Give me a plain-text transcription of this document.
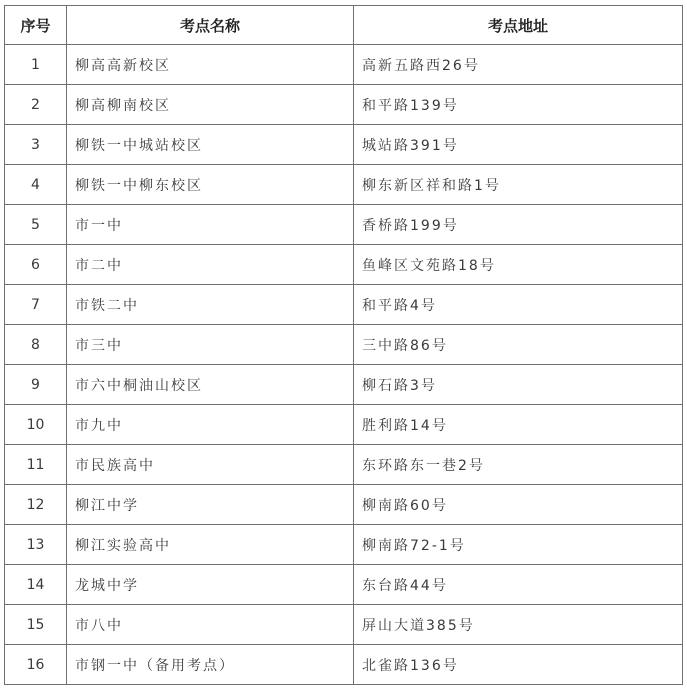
序号	考点名称	考点地址
1	柳高高新校区	高新五路西26号
2	柳高柳南校区	和平路139号
3	柳铁一中城站校区	城站路391号
4	柳铁一中柳东校区	柳东新区祥和路1号
5	市一中	香桥路199号
6	市二中	鱼峰区文苑路18号
7	市铁二中	和平路4号
8	市三中	三中路86号
9	市六中桐油山校区	柳石路3号
10	市九中	胜利路14号
11	市民族高中	东环路东一巷2号
12	柳江中学	柳南路60号
13	柳江实验高中	柳南路72-1号
14	龙城中学	东台路44号
15	市八中	屏山大道385号
16	市钢一中（备用考点）	北雀路136号
